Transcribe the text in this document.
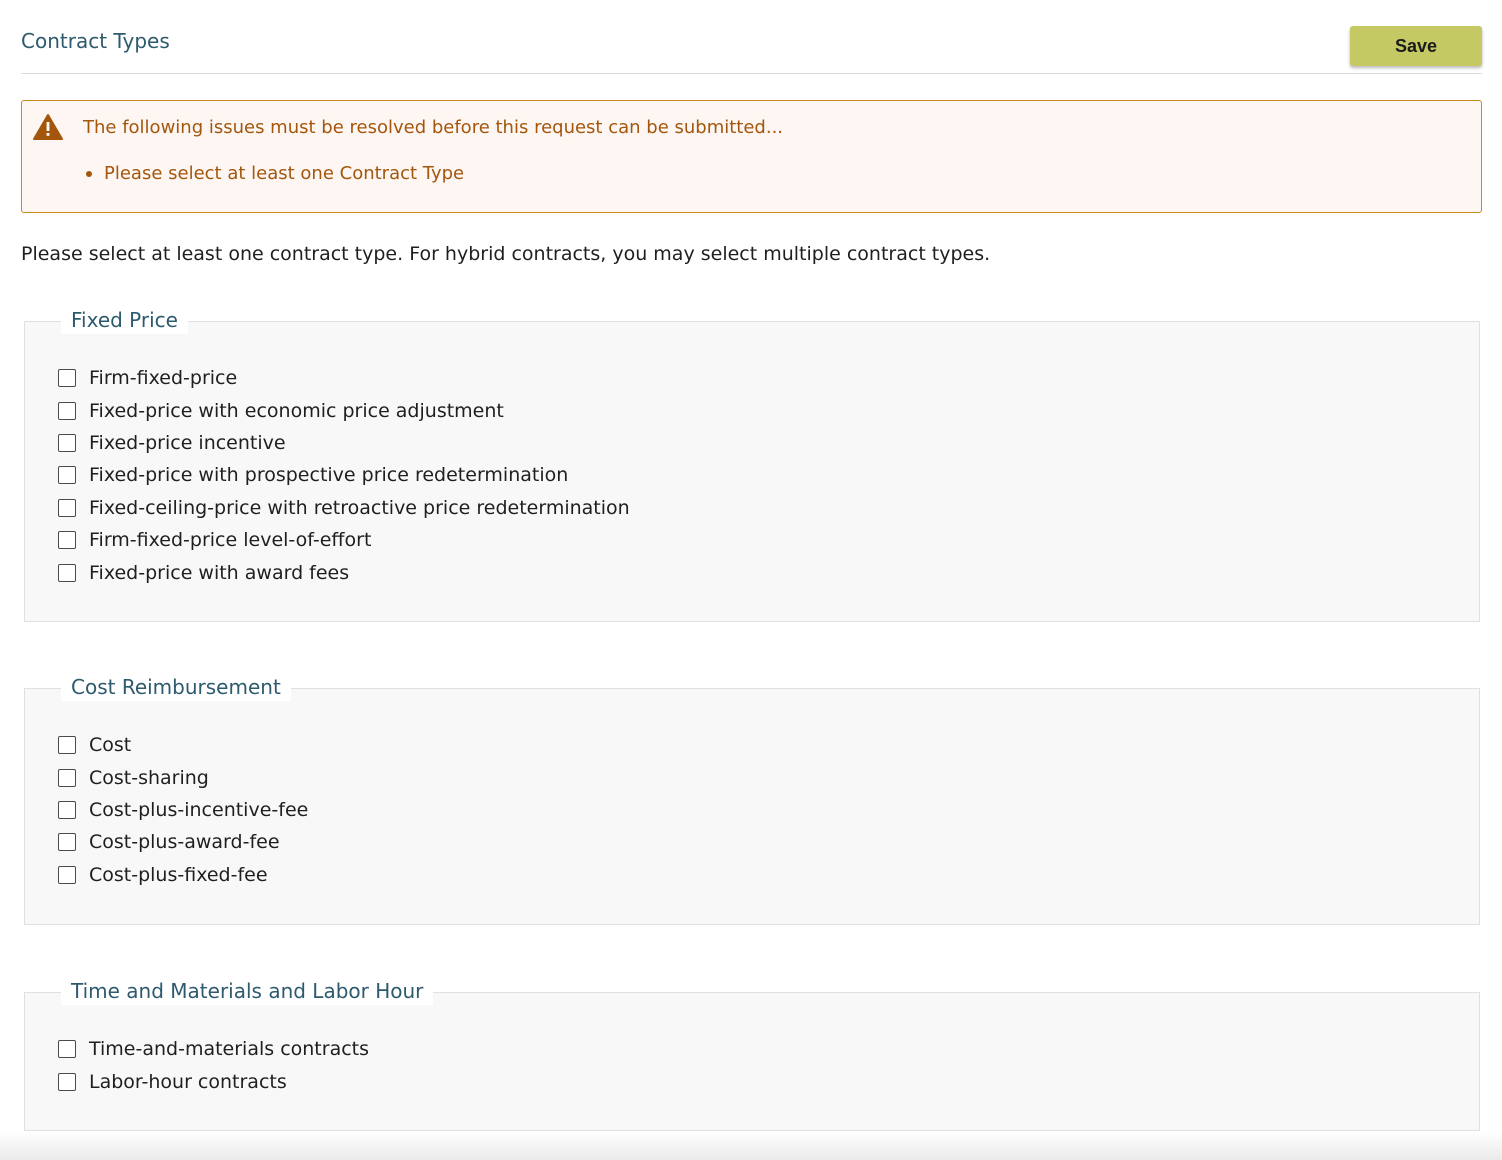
Contract Types	Save
The following issues must be resolved before this request can be submitted...
Please select at least one Contract Type
Please select at least one contract type. For hybrid contracts, you may select multiple contract types.
Fixed Price
Firm-fixed-price
Fixed-price with economic price adjustment
Fixed-price incentive
Fixed-price with prospective price redetermination
Fixed-ceiling-price with retroactive price redetermination
Firm-fixed-price level-of-effort
Fixed-price with award fees
Cost Reimbursement
Cost
Cost-sharing
Cost-plus-incentive-fee
Cost-plus-award-fee
Cost-plus-fixed-fee
Time and Materials and Labor Hour
Time-and-materials contracts
Labor-hour contracts
